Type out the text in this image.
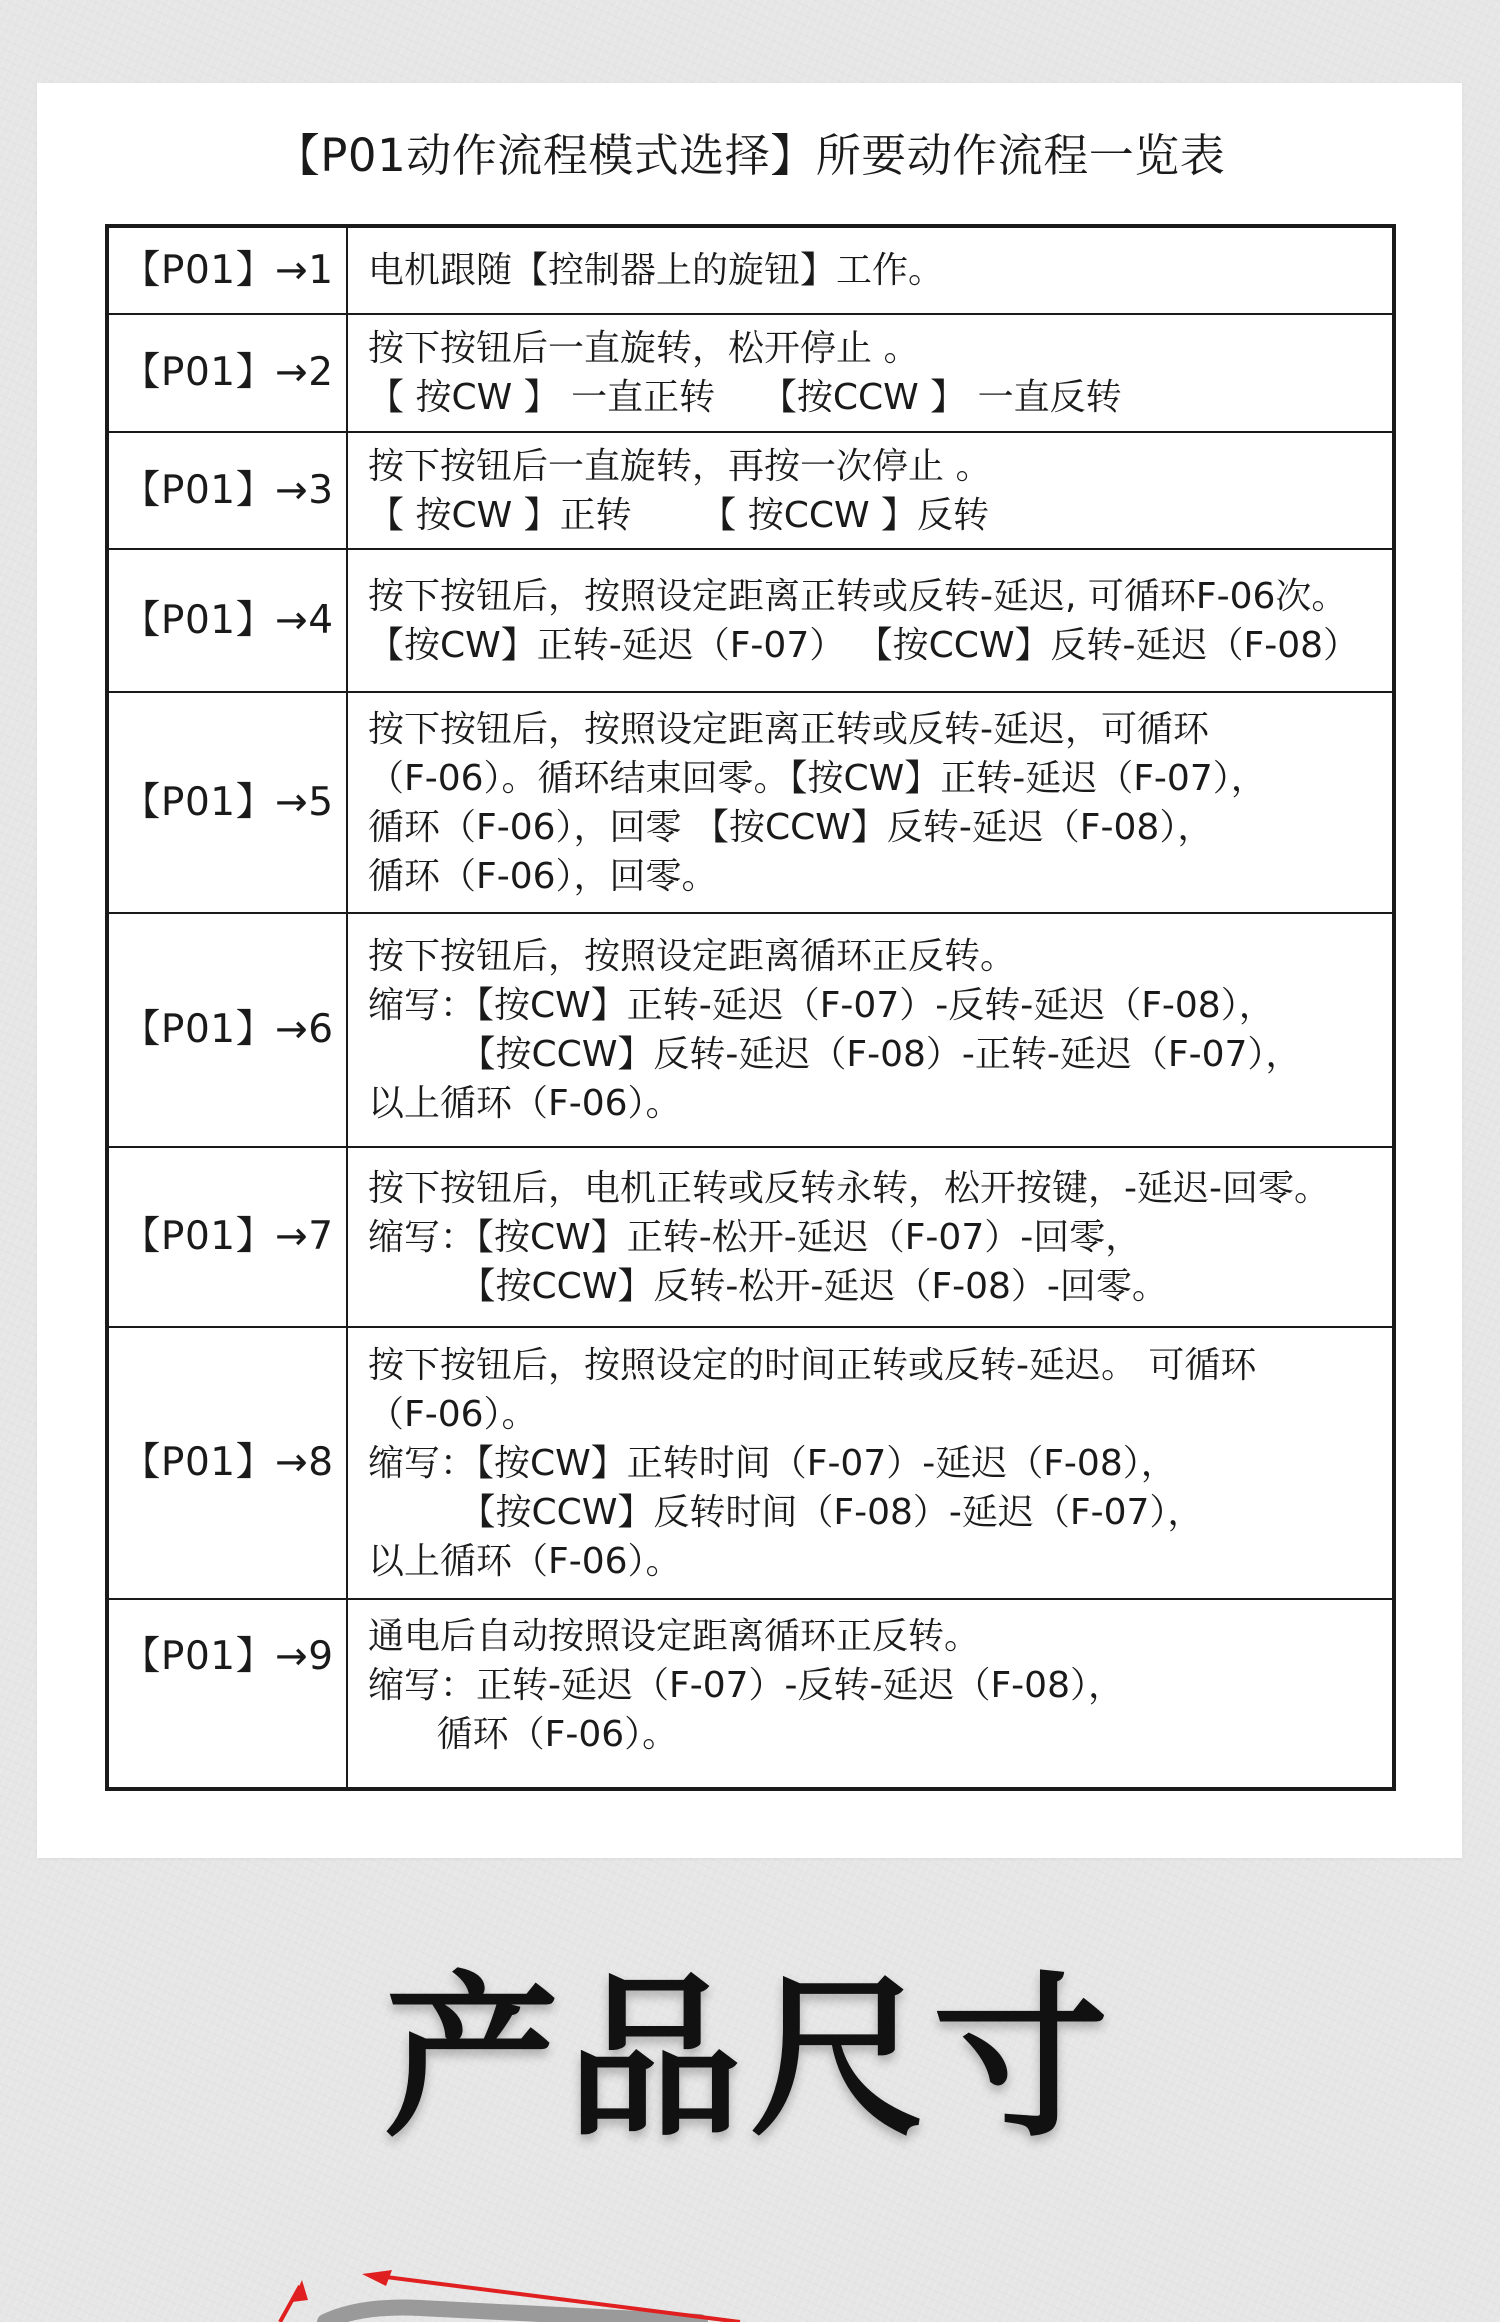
【P01动作流程模式选择】所要动作流程一览表
【P01】→1	电机跟随【控制器上的旋钮】工作。

【P01】→2	按下按钮后一直旋转，松开停止 。
【 按CW 】 一直正转    【按CCW 】 一直反转

【P01】→3	按下按钮后一直旋转，再按一次停止 。
【 按CW 】正转      【 按CCW 】反转

【P01】→4	按下按钮后，按照设定距离正转或反转-延迟, 可循环F-06次。
【按CW】正转-延迟（F-07） 【按CCW】反转-延迟（F-08）

【P01】→5	按下按钮后，按照设定距离正转或反转-延迟，可循环
（F-06）。循环结束回零。【按CW】正转-延迟（F-07），
循环（F-06），回零 【按CCW】反转-延迟（F-08），
循环（F-06），回零。

【P01】→6	按下按钮后，按照设定距离循环正反转。
缩写：【按CW】正转-延迟（F-07）-反转-延迟（F-08），
【按CCW】反转-延迟（F-08）-正转-延迟（F-07），
以上循环（F-06）。

【P01】→7	按下按钮后，电机正转或反转永转，松开按键，-延迟-回零。
缩写：【按CW】正转-松开-延迟（F-07）-回零，
【按CCW】反转-松开-延迟（F-08）-回零。

【P01】→8	按下按钮后，按照设定的时间正转或反转-延迟。 可循环
（F-06）。
缩写：【按CW】正转时间（F-07）-延迟（F-08），
【按CCW】反转时间（F-08）-延迟（F-07），
以上循环（F-06）。

【P01】→9	通电后自动按照设定距离循环正反转。
缩写：正转-延迟（F-07）-反转-延迟（F-08），
循环（F-06）。
产品尺寸
